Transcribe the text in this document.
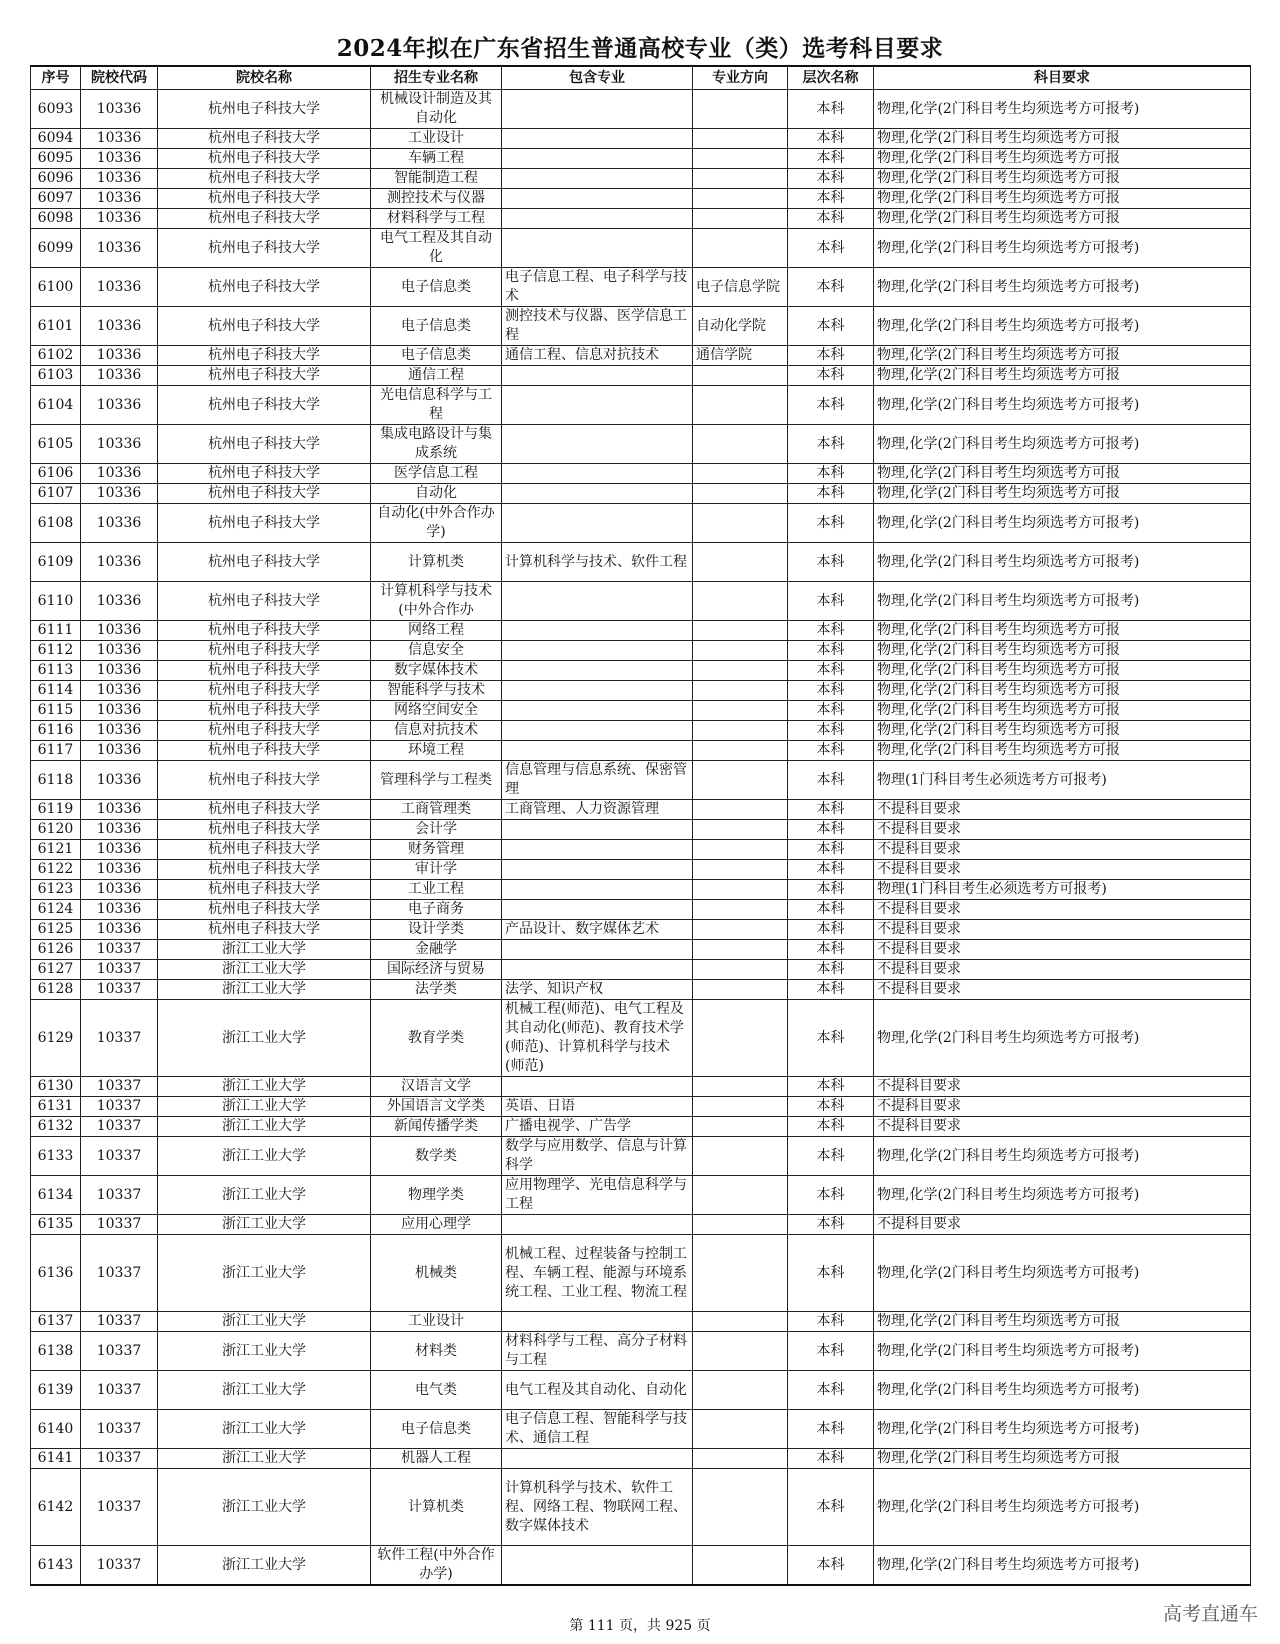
2024年拟在广东省招生普通高校专业（类）选考科目要求
序号	院校代码	院校名称	招生专业名称	包含专业	专业方向	层次名称	科目要求
6093	10336	杭州电子科技大学	机械设计制造及其自动化			本科	物理,化学(2门科目考生均须选考方可报考)
6094	10336	杭州电子科技大学	工业设计			本科	物理,化学(2门科目考生均须选考方可报
6095	10336	杭州电子科技大学	车辆工程			本科	物理,化学(2门科目考生均须选考方可报
6096	10336	杭州电子科技大学	智能制造工程			本科	物理,化学(2门科目考生均须选考方可报
6097	10336	杭州电子科技大学	测控技术与仪器			本科	物理,化学(2门科目考生均须选考方可报
6098	10336	杭州电子科技大学	材料科学与工程			本科	物理,化学(2门科目考生均须选考方可报
6099	10336	杭州电子科技大学	电气工程及其自动化			本科	物理,化学(2门科目考生均须选考方可报考)
6100	10336	杭州电子科技大学	电子信息类	电子信息工程、电子科学与技术	电子信息学院	本科	物理,化学(2门科目考生均须选考方可报考)
6101	10336	杭州电子科技大学	电子信息类	测控技术与仪器、医学信息工程	自动化学院	本科	物理,化学(2门科目考生均须选考方可报考)
6102	10336	杭州电子科技大学	电子信息类	通信工程、信息对抗技术	通信学院	本科	物理,化学(2门科目考生均须选考方可报
6103	10336	杭州电子科技大学	通信工程			本科	物理,化学(2门科目考生均须选考方可报
6104	10336	杭州电子科技大学	光电信息科学与工程			本科	物理,化学(2门科目考生均须选考方可报考)
6105	10336	杭州电子科技大学	集成电路设计与集成系统			本科	物理,化学(2门科目考生均须选考方可报考)
6106	10336	杭州电子科技大学	医学信息工程			本科	物理,化学(2门科目考生均须选考方可报
6107	10336	杭州电子科技大学	自动化			本科	物理,化学(2门科目考生均须选考方可报
6108	10336	杭州电子科技大学	自动化(中外合作办学)			本科	物理,化学(2门科目考生均须选考方可报考)
6109	10336	杭州电子科技大学	计算机类	计算机科学与技术、软件工程		本科	物理,化学(2门科目考生均须选考方可报考)
6110	10336	杭州电子科技大学	计算机科学与技术(中外合作办			本科	物理,化学(2门科目考生均须选考方可报考)
6111	10336	杭州电子科技大学	网络工程			本科	物理,化学(2门科目考生均须选考方可报
6112	10336	杭州电子科技大学	信息安全			本科	物理,化学(2门科目考生均须选考方可报
6113	10336	杭州电子科技大学	数字媒体技术			本科	物理,化学(2门科目考生均须选考方可报
6114	10336	杭州电子科技大学	智能科学与技术			本科	物理,化学(2门科目考生均须选考方可报
6115	10336	杭州电子科技大学	网络空间安全			本科	物理,化学(2门科目考生均须选考方可报
6116	10336	杭州电子科技大学	信息对抗技术			本科	物理,化学(2门科目考生均须选考方可报
6117	10336	杭州电子科技大学	环境工程			本科	物理,化学(2门科目考生均须选考方可报
6118	10336	杭州电子科技大学	管理科学与工程类	信息管理与信息系统、保密管理		本科	物理(1门科目考生必须选考方可报考)
6119	10336	杭州电子科技大学	工商管理类	工商管理、人力资源管理		本科	不提科目要求
6120	10336	杭州电子科技大学	会计学			本科	不提科目要求
6121	10336	杭州电子科技大学	财务管理			本科	不提科目要求
6122	10336	杭州电子科技大学	审计学			本科	不提科目要求
6123	10336	杭州电子科技大学	工业工程			本科	物理(1门科目考生必须选考方可报考)
6124	10336	杭州电子科技大学	电子商务			本科	不提科目要求
6125	10336	杭州电子科技大学	设计学类	产品设计、数字媒体艺术		本科	不提科目要求
6126	10337	浙江工业大学	金融学			本科	不提科目要求
6127	10337	浙江工业大学	国际经济与贸易			本科	不提科目要求
6128	10337	浙江工业大学	法学类	法学、知识产权		本科	不提科目要求
6129	10337	浙江工业大学	教育学类	机械工程(师范)、电气工程及其自动化(师范)、教育技术学(师范)、计算机科学与技术(师范)		本科	物理,化学(2门科目考生均须选考方可报考)
6130	10337	浙江工业大学	汉语言文学			本科	不提科目要求
6131	10337	浙江工业大学	外国语言文学类	英语、日语		本科	不提科目要求
6132	10337	浙江工业大学	新闻传播学类	广播电视学、广告学		本科	不提科目要求
6133	10337	浙江工业大学	数学类	数学与应用数学、信息与计算科学		本科	物理,化学(2门科目考生均须选考方可报考)
6134	10337	浙江工业大学	物理学类	应用物理学、光电信息科学与工程		本科	物理,化学(2门科目考生均须选考方可报考)
6135	10337	浙江工业大学	应用心理学			本科	不提科目要求
6136	10337	浙江工业大学	机械类	机械工程、过程装备与控制工程、车辆工程、能源与环境系统工程、工业工程、物流工程		本科	物理,化学(2门科目考生均须选考方可报考)
6137	10337	浙江工业大学	工业设计			本科	物理,化学(2门科目考生均须选考方可报
6138	10337	浙江工业大学	材料类	材料科学与工程、高分子材料与工程		本科	物理,化学(2门科目考生均须选考方可报考)
6139	10337	浙江工业大学	电气类	电气工程及其自动化、自动化		本科	物理,化学(2门科目考生均须选考方可报考)
6140	10337	浙江工业大学	电子信息类	电子信息工程、智能科学与技术、通信工程		本科	物理,化学(2门科目考生均须选考方可报考)
6141	10337	浙江工业大学	机器人工程			本科	物理,化学(2门科目考生均须选考方可报
6142	10337	浙江工业大学	计算机类	计算机科学与技术、软件工程、网络工程、物联网工程、数字媒体技术		本科	物理,化学(2门科目考生均须选考方可报考)
6143	10337	浙江工业大学	软件工程(中外合作办学)			本科	物理,化学(2门科目考生均须选考方可报考)
第 111 页，共 925 页
高考直通车
